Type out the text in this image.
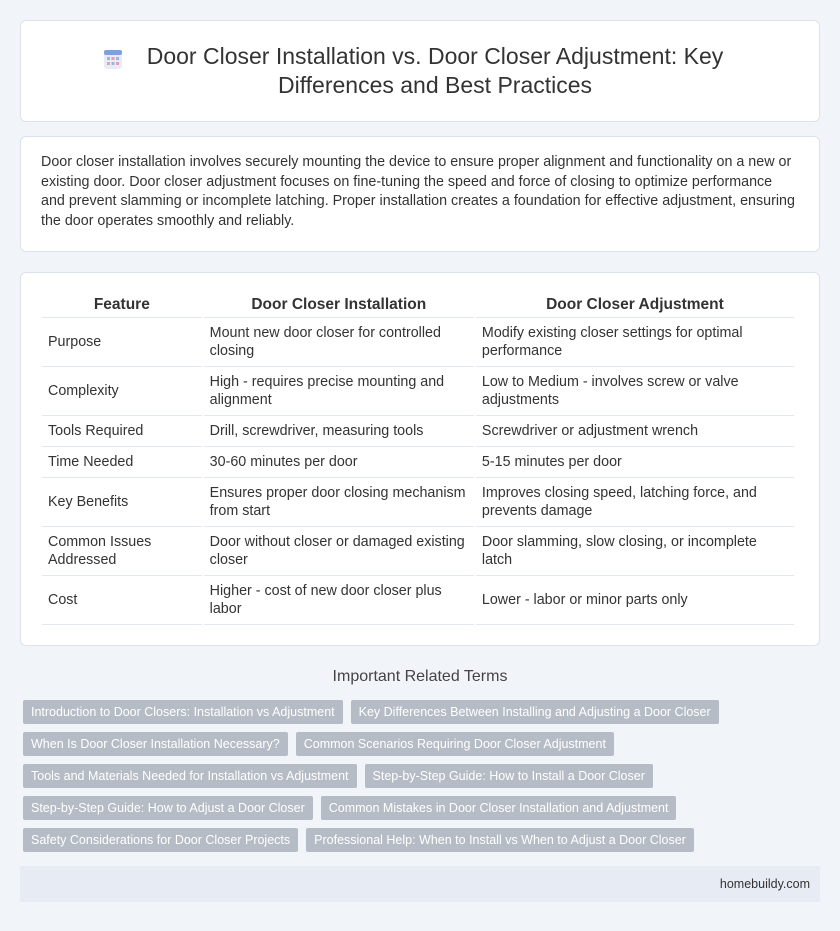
Door Closer Installation vs. Door Closer Adjustment: Key Differences and Best Practices

Door closer installation involves securely mounting the device to ensure proper alignment and functionality on a new or existing door. Door closer adjustment focuses on fine-tuning the speed and force of closing to optimize performance and prevent slamming or incomplete latching. Proper installation creates a foundation for effective adjustment, ensuring the door operates smoothly and reliably.

Feature	Door Closer Installation	Door Closer Adjustment
Purpose	Mount new door closer for controlled closing	Modify existing closer settings for optimal performance
Complexity	High - requires precise mounting and alignment	Low to Medium - involves screw or valve adjustments
Tools Required	Drill, screwdriver, measuring tools	Screwdriver or adjustment wrench
Time Needed	30-60 minutes per door	5-15 minutes per door
Key Benefits	Ensures proper door closing mechanism from start	Improves closing speed, latching force, and prevents damage
Common Issues Addressed	Door without closer or damaged existing closer	Door slamming, slow closing, or incomplete latch
Cost	Higher - cost of new door closer plus labor	Lower - labor or minor parts only
Important Related Terms
Introduction to Door Closers: Installation vs Adjustment	Key Differences Between Installing and Adjusting a Door Closer
When Is Door Closer Installation Necessary?	Common Scenarios Requiring Door Closer Adjustment
Tools and Materials Needed for Installation vs Adjustment	Step-by-Step Guide: How to Install a Door Closer
Step-by-Step Guide: How to Adjust a Door Closer	Common Mistakes in Door Closer Installation and Adjustment
Safety Considerations for Door Closer Projects	Professional Help: When to Install vs When to Adjust a Door Closer
homebuildy.com
